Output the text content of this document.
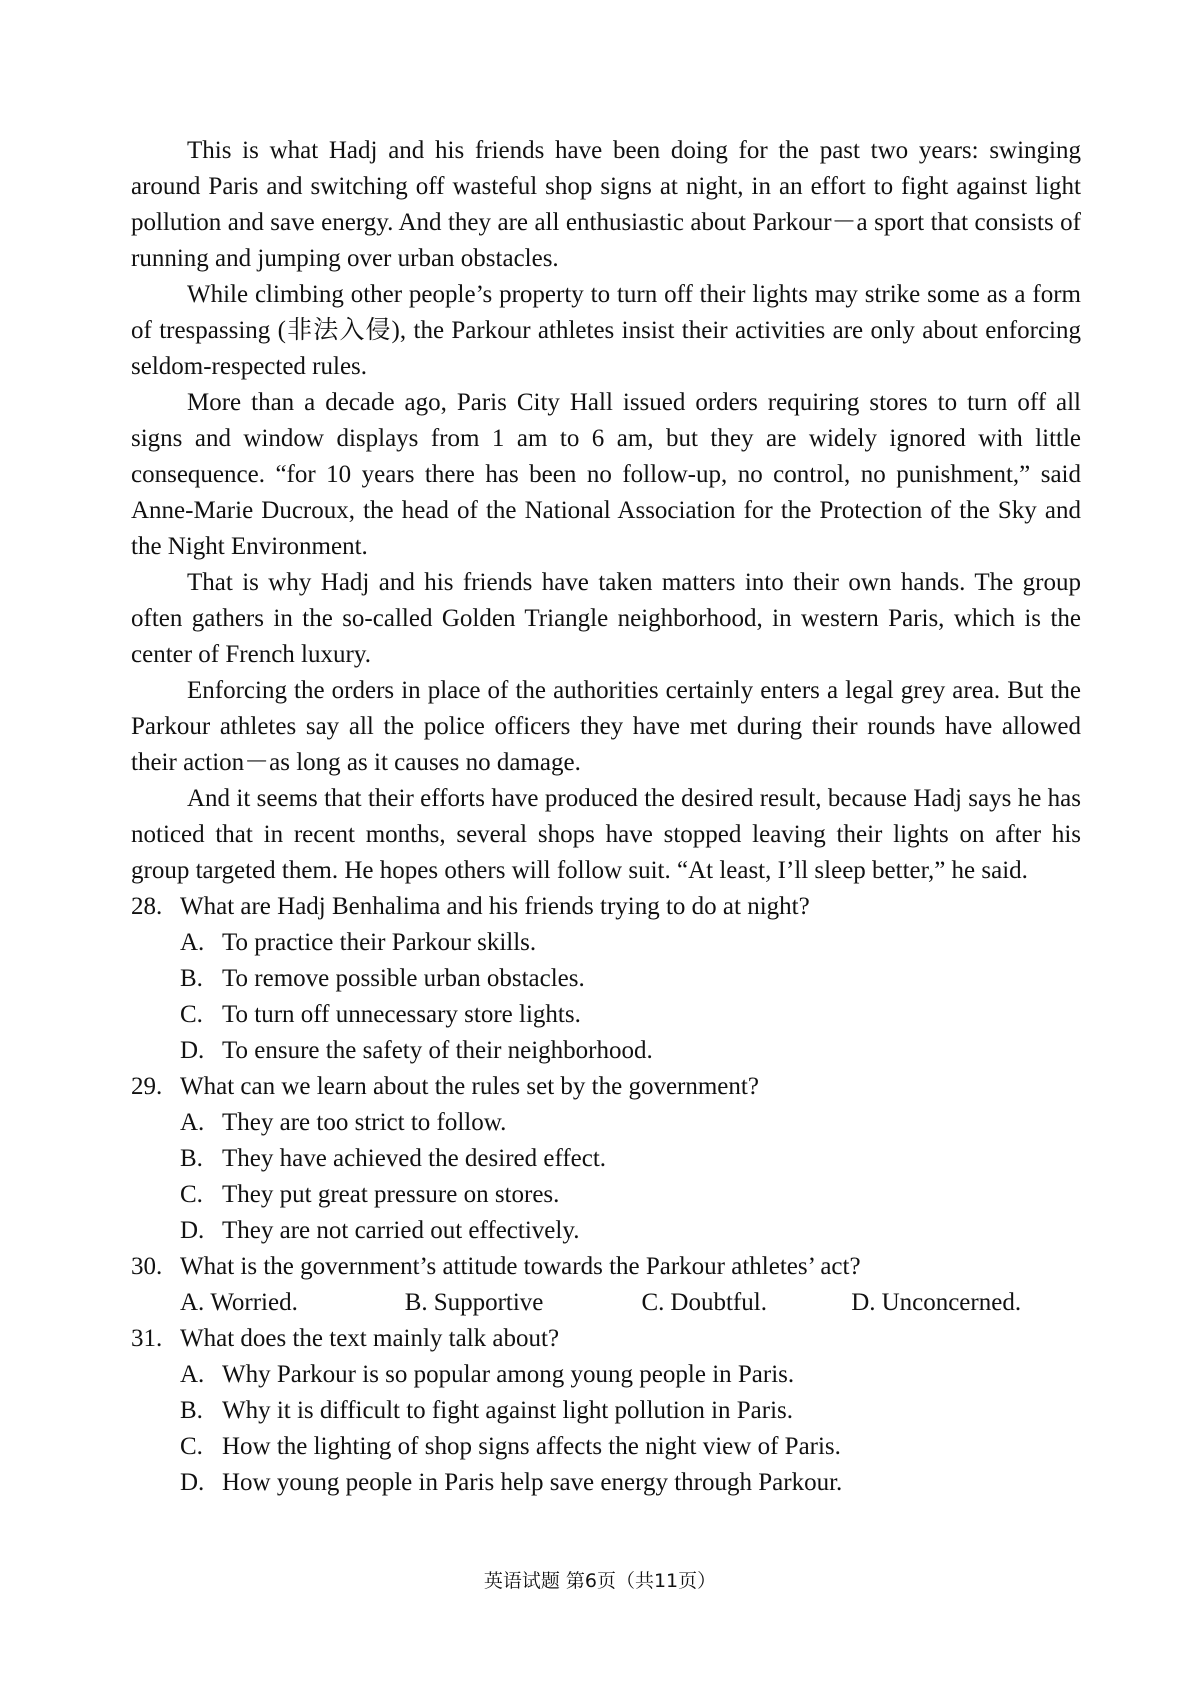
This is what Hadj and his friends have been doing for the past two years: swinging around Paris and switching off wasteful shop signs at night, in an effort to fight against light pollution and save energy. And they are all enthusiastic about Parkour－a sport that consists of running and jumping over urban obstacles.

While climbing other people’s property to turn off their lights may strike some as a form of trespassing (非法入侵), the Parkour athletes insist their activities are only about enforcing seldom-respected rules.

More than a decade ago, Paris City Hall issued orders requiring stores to turn off all signs and window displays from 1 am to 6 am, but they are widely ignored with little consequence. “for 10 years there has been no follow-up, no control, no punishment,” said Anne-Marie Ducroux, the head of the National Association for the Protection of the Sky and the Night Environment.

That is why Hadj and his friends have taken matters into their own hands. The group often gathers in the so-called Golden Triangle neighborhood, in western Paris, which is the center of French luxury.

Enforcing the orders in place of the authorities certainly enters a legal grey area. But the Parkour athletes say all the police officers they have met during their rounds have allowed their action－as long as it causes no damage.

And it seems that their efforts have produced the desired result, because Hadj says he has noticed that in recent months, several shops have stopped leaving their lights on after his group targeted them. He hopes others will follow suit. “At least, I’ll sleep better,” he said.

28. What are Hadj Benhalima and his friends trying to do at night?
A. To practice their Parkour skills.
B. To remove possible urban obstacles.
C. To turn off unnecessary store lights.
D. To ensure the safety of their neighborhood.
29. What can we learn about the rules set by the government?
A. They are too strict to follow.
B. They have achieved the desired effect.
C. They put great pressure on stores.
D. They are not carried out effectively.
30. What is the government’s attitude towards the Parkour athletes’ act?
A. Worried.	B. Supportive	C. Doubtful.	D. Unconcerned.
31. What does the text mainly talk about?
A. Why Parkour is so popular among young people in Paris.
B. Why it is difficult to fight against light pollution in Paris.
C. How the lighting of shop signs affects the night view of Paris.
D. How young people in Paris help save energy through Parkour.
英语试题 第6页（共11页）
